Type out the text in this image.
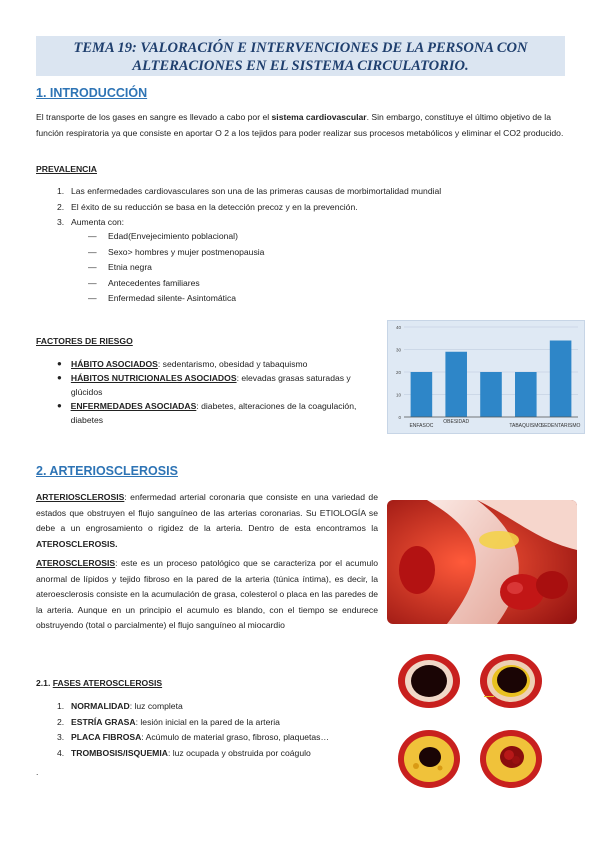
TEMA 19: VALORACIÓN E INTERVENCIONES DE LA PERSONA CON
ALTERACIONES EN EL SISTEMA CIRCULATORIO.
1. INTRODUCCIÓN
El transporte de los gases en sangre es llevado a cabo por el sistema cardiovascular. Sin embargo, constituye el último objetivo de la función respiratoria ya que consiste en aportar O 2 a los tejidos para poder realizar sus procesos metabólicos y eliminar el CO2 producido.
PREVALENCIA
1. Las enfermedades cardiovasculares son una de las primeras causas de morbimortalidad mundial
2. El éxito de su reducción se basa en la detección precoz y en la prevención.
3. Aumenta con:
— Edad(Envejecimiento poblacional)
— Sexo> hombres y mujer postmenopausia
— Etnia negra
— Antecedentes familiares
— Enfermedad silente- Asintomática
FACTORES DE RIESGO
●	HÁBITO ASOCIADOS: sedentarismo, obesidad y tabaquismo
●	HÁBITOS NUTRICIONALES ASOCIADOS: elevadas grasas saturadas y glúcidos
●	ENFERMEDADES ASOCIADAS: diabetes, alteraciones de la coagulación, diabetes	0
10
20
30
40
ENFASOC
OBESIDAD
TABAQUISMO
SEDENTARISMO
2. ARTERIOSCLEROSIS
ARTERIOSCLEROSIS: enfermedad arterial coronaria que consiste en una variedad de estados que obstruyen el flujo sanguíneo de las arterias coronarias. Su ETIOLOGÍA se debe a un engrosamiento o rigidez de la arteria. Dentro de esta encontramos la ATEROSCLEROSIS.
ATEROSCLEROSIS: este es un proceso patológico que se caracteriza por el acumulo anormal de lípidos y tejido fibroso en la pared de la arteria (túnica íntima), es decir, la ateroesclerosis consiste en la acumulación de grasa, colesterol o placa en las paredes de la arteria. Aunque en un principio el acumulo es blando, con el tiempo se endurece obstruyendo (total o parcialmente) el flujo sanguíneo al miocardio
2.1. FASES ATEROSCLEROSIS
1. NORMALIDAD: luz completa
2. ESTRÍA GRASA: lesión inicial en la pared de la arteria
3. PLACA FIBROSA: Acúmulo de material graso, fibroso, plaquetas…
4. TROMBOSIS/ISQUEMIA: luz ocupada y obstruida por coágulo
.
